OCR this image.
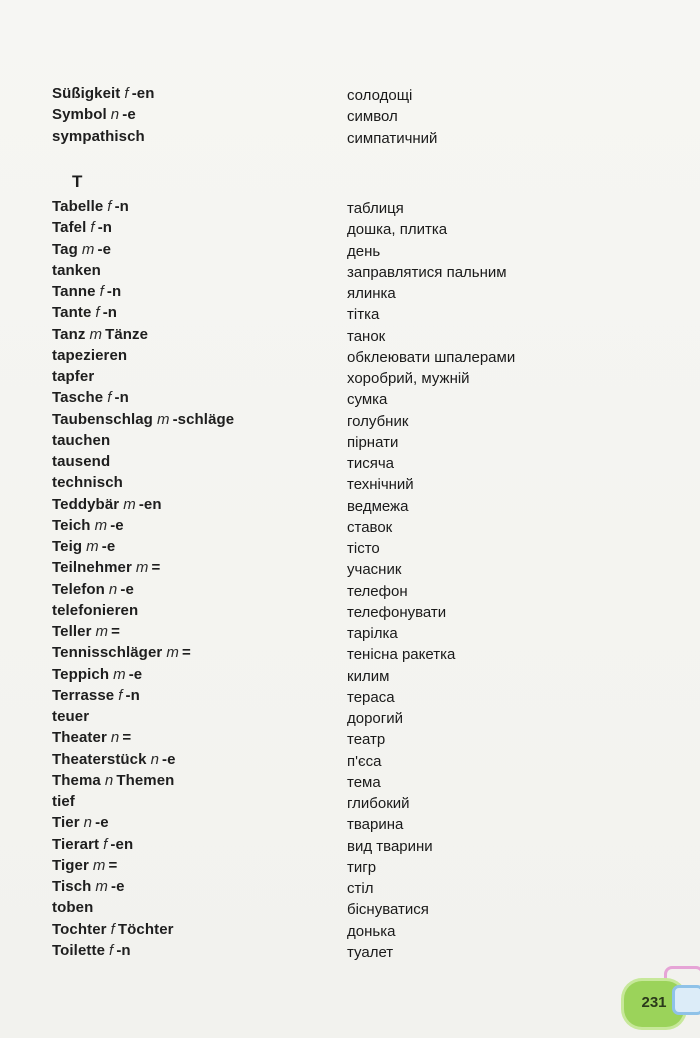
Süßigkeit f -en	солодощі
Symbol n -e	символ
sympathisch	симпатичний
T
Tabelle f -n	таблиця
Tafel f -n	дошка, плитка
Tag m -e	день
tanken	заправлятися пальним
Tanne f -n	ялинка
Tante f -n	тітка
Tanz m Tänze	танок
tapezieren	обклеювати шпалерами
tapfer	хоробрий, мужній
Tasche f -n	сумка
Taubenschlag m -schläge	голубник
tauchen	пірнати
tausend	тисяча
technisch	технічний
Teddybär m -en	ведмежа
Teich m -e	ставок
Teig m -e	тісто
Teilnehmer m =	учасник
Telefon n -e	телефон
telefonieren	телефонувати
Teller m =	тарілка
Tennisschläger m =	тенісна ракетка
Teppich m -e	килим
Terrasse f -n	тераса
teuer	дорогий
Theater n =	театр
Theaterstück n -e	п'єса
Thema n Themen	тема
tief	глибокий
Tier n -e	тварина
Tierart f -en	вид тварини
Tiger m =	тигр
Tisch m -e	стіл
toben	біснуватися
Tochter f Töchter	донька
Toilette f -n	туалет
231
